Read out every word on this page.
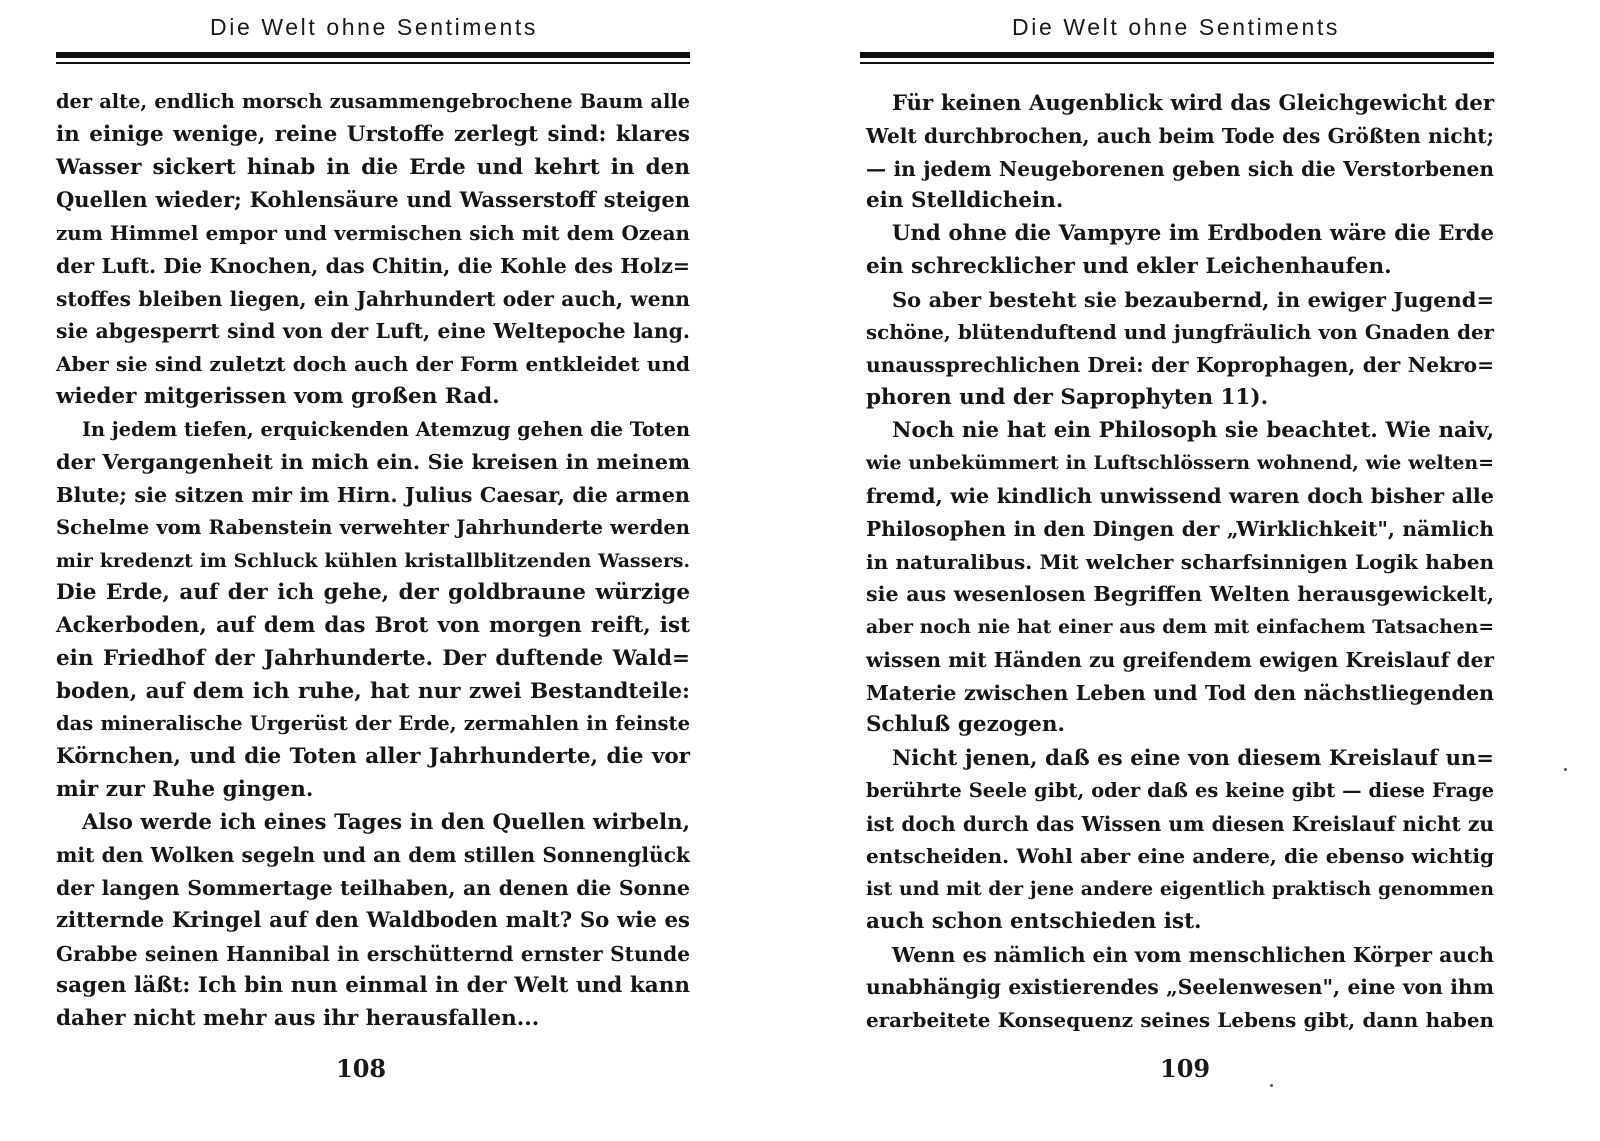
Die Welt ohne Sentiments
der alte, endlich morsch zusammengebrochene Baum alle
in einige wenige, reine Urstoffe zerlegt sind: klares
Wasser sickert hinab in die Erde und kehrt in den
Quellen wieder; Kohlensäure und Wasserstoff steigen
zum Himmel empor und vermischen sich mit dem Ozean
der Luft. Die Knochen, das Chitin, die Kohle des Holz=
stoffes bleiben liegen, ein Jahrhundert oder auch, wenn
sie abgesperrt sind von der Luft, eine Weltepoche lang.
Aber sie sind zuletzt doch auch der Form entkleidet und
wieder mitgerissen vom großen Rad.
In jedem tiefen, erquickenden Atemzug gehen die Toten
der Vergangenheit in mich ein. Sie kreisen in meinem
Blute; sie sitzen mir im Hirn. Julius Caesar, die armen
Schelme vom Rabenstein verwehter Jahrhunderte werden
mir kredenzt im Schluck kühlen kristallblitzenden Wassers.
Die Erde, auf der ich gehe, der goldbraune würzige
Ackerboden, auf dem das Brot von morgen reift, ist
ein Friedhof der Jahrhunderte. Der duftende Wald=
boden, auf dem ich ruhe, hat nur zwei Bestandteile:
das mineralische Urgerüst der Erde, zermahlen in feinste
Körnchen, und die Toten aller Jahrhunderte, die vor
mir zur Ruhe gingen.
Also werde ich eines Tages in den Quellen wirbeln,
mit den Wolken segeln und an dem stillen Sonnenglück
der langen Sommertage teilhaben, an denen die Sonne
zitternde Kringel auf den Waldboden malt? So wie es
Grabbe seinen Hannibal in erschütternd ernster Stunde
sagen läßt: Ich bin nun einmal in der Welt und kann
daher nicht mehr aus ihr herausfallen...
108
Die Welt ohne Sentiments
Für keinen Augenblick wird das Gleichgewicht der
Welt durchbrochen, auch beim Tode des Größten nicht;
— in jedem Neugeborenen geben sich die Verstorbenen
ein Stelldichein.
Und ohne die Vampyre im Erdboden wäre die Erde
ein schrecklicher und ekler Leichenhaufen.
So aber besteht sie bezaubernd, in ewiger Jugend=
schöne, blütenduftend und jungfräulich von Gnaden der
unaussprechlichen Drei: der Koprophagen, der Nekro=
phoren und der Saprophyten 11).
Noch nie hat ein Philosoph sie beachtet. Wie naiv,
wie unbekümmert in Luftschlössern wohnend, wie welten=
fremd, wie kindlich unwissend waren doch bisher alle
Philosophen in den Dingen der „Wirklichkeit", nämlich
in naturalibus. Mit welcher scharfsinnigen Logik haben
sie aus wesenlosen Begriffen Welten herausgewickelt,
aber noch nie hat einer aus dem mit einfachem Tatsachen=
wissen mit Händen zu greifendem ewigen Kreislauf der
Materie zwischen Leben und Tod den nächstliegenden
Schluß gezogen.
Nicht jenen, daß es eine von diesem Kreislauf un=
berührte Seele gibt, oder daß es keine gibt — diese Frage
ist doch durch das Wissen um diesen Kreislauf nicht zu
entscheiden. Wohl aber eine andere, die ebenso wichtig
ist und mit der jene andere eigentlich praktisch genommen
auch schon entschieden ist.
Wenn es nämlich ein vom menschlichen Körper auch
unabhängig existierendes „Seelenwesen", eine von ihm
erarbeitete Konsequenz seines Lebens gibt, dann haben
109
